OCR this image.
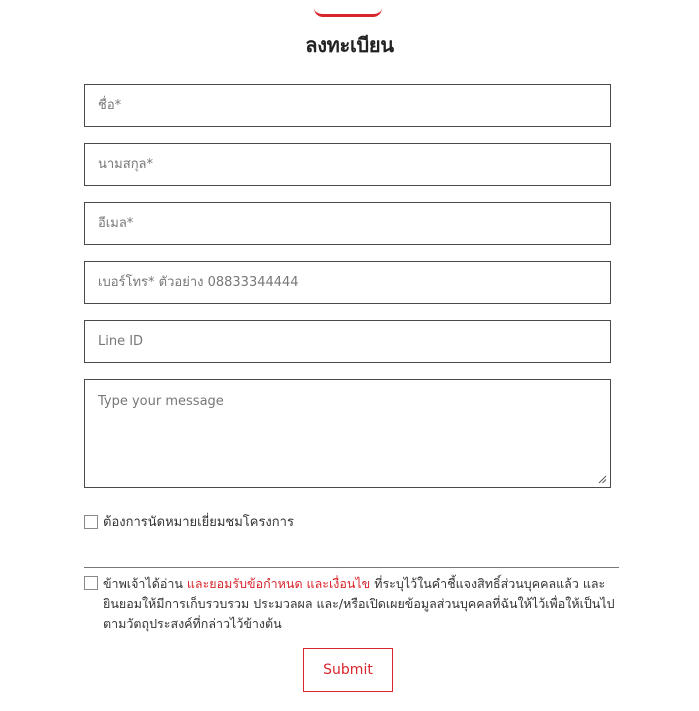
ลงทะเบียน
ชื่อ*
นามสกุล*
อีเมล*
เบอร์โทร* ตัวอย่าง 08833344444
Line ID
Type your message
ต้องการนัดหมายเยี่ยมชมโครงการ
ข้าพเจ้าได้อ่าน และยอมรับข้อกำหนด และเงื่อนไข ที่ระบุไว้ในคำชี้แจงสิทธิ์ส่วนบุคคลแล้ว และยินยอมให้มีการเก็บรวบรวม ประมวลผล และ/หรือเปิดเผยข้อมูลส่วนบุคคลที่ฉันให้ไว้เพื่อให้เป็นไปตามวัตถุประสงค์ที่กล่าวไว้ข้างต้น
Submit
